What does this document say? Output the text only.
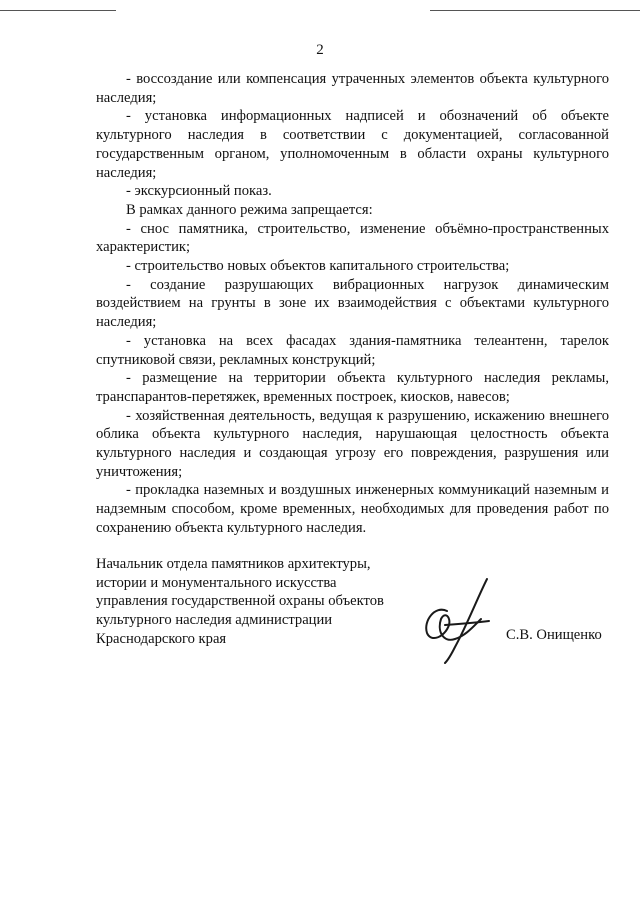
2

- воссоздание или компенсация утраченных элементов объекта культурного наследия;

- установка информационных надписей и обозначений об объекте культурного наследия в соответствии с документацией, согласованной государственным органом, уполномоченным в области охраны культурного наследия;

- экскурсионный показ.

В рамках данного режима запрещается:

- снос памятника, строительство, изменение объёмно-пространственных характеристик;

- строительство новых объектов капитального строительства;

- создание разрушающих вибрационных нагрузок динамическим воздействием на грунты в зоне их взаимодействия с объектами культурного наследия;

- установка на всех фасадах здания-памятника телеантенн, тарелок спутниковой связи, рекламных конструкций;

- размещение на территории объекта культурного наследия рекламы, транспарантов-перетяжек, временных построек, киосков, навесов;

- хозяйственная деятельность, ведущая к разрушению, искажению внешнего облика объекта культурного наследия, нарушающая целостность объекта культурного наследия и создающая угрозу его повреждения, разрушения или уничтожения;

- прокладка наземных и воздушных инженерных коммуникаций наземным и надземным способом, кроме временных, необходимых для проведения работ по сохранению объекта культурного наследия.

Начальник отдела памятников архитектуры,
истории и монументального искусства
управления государственной охраны объектов
культурного наследия администрации
Краснодарского края	С.В. Онищенко
